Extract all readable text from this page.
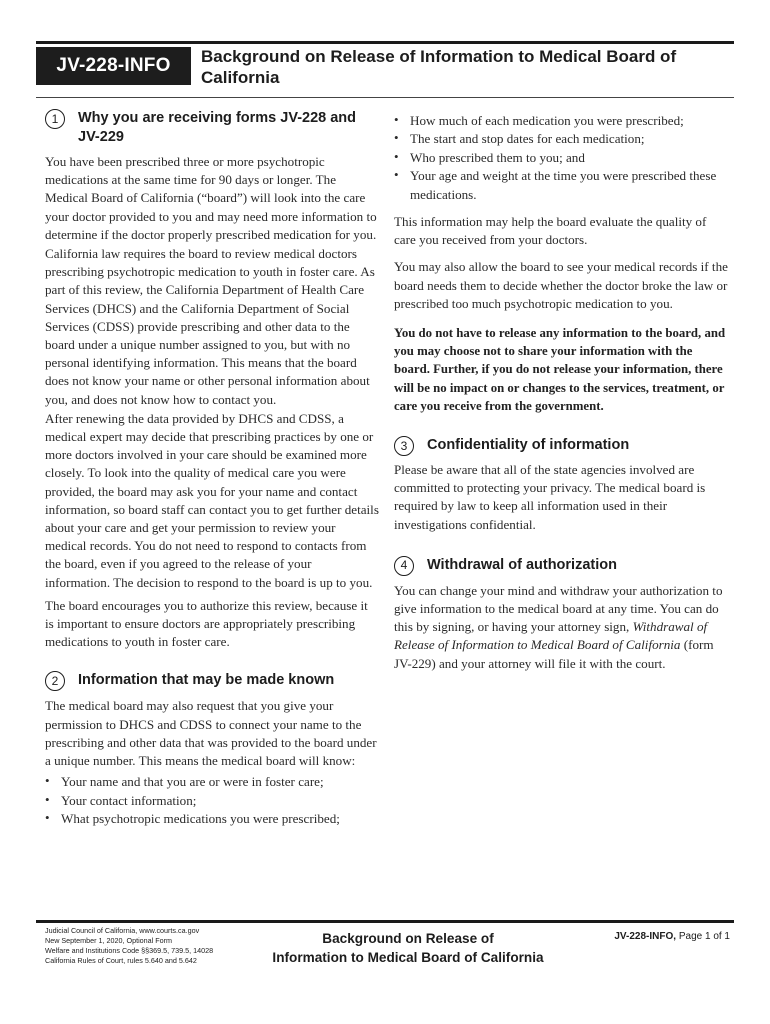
JV-228-INFO	Background on Release of Information to Medical Board of California
1	Why you are receiving forms JV-228 and JV-229

You have been prescribed three or more psychotropic medications at the same time for 90 days or longer. The Medical Board of California (“board”) will look into the care your doctor provided to you and may need more information to determine if the doctor properly prescribed medication for you.

California law requires the board to review medical doctors prescribing psychotropic medication to youth in foster care. As part of this review, the California Department of Health Care Services (DHCS) and the California Department of Social Services (CDSS) provide prescribing and other data to the board under a unique number assigned to you, but with no personal identifying information. This means that the board does not know your name or other personal information about you, and does not know how to contact you.

After renewing the data provided by DHCS and CDSS, a medical expert may decide that prescribing practices by one or more doctors involved in your care should be examined more closely. To look into the quality of medical care you were provided, the board may ask you for your name and contact information, so board staff can contact you to get further details about your care and get your permission to review your medical records. You do not need to respond to contacts from the board, even if you agreed to the release of your information. The decision to respond to the board is up to you.

The board encourages you to authorize this review, because it is important to ensure doctors are appropriately prescribing medications to youth in foster care.

2	Information that may be made known

The medical board may also request that you give your permission to DHCS and CDSS to connect your name to the prescribing and other data that was provided to the board under a unique number. This means the medical board will know:

• Your name and that you are or were in foster care;
• Your contact information;
• What psychotropic medications you were prescribed;
• How much of each medication you were prescribed;
• The start and stop dates for each medication;
• Who prescribed them to you; and
• Your age and weight at the time you were prescribed these medications.

This information may help the board evaluate the quality of care you received from your doctors.

You may also allow the board to see your medical records if the board needs them to decide whether the doctor broke the law or prescribed too much psychotropic medication to you.

You do not have to release any information to the board, and you may choose not to share your information with the board. Further, if you do not release your information, there will be no impact on or changes to the services, treatment, or care you receive from the government.

3	Confidentiality of information

Please be aware that all of the state agencies involved are committed to protecting your privacy. The medical board is required by law to keep all information used in their investigations confidential.

4	Withdrawal of authorization

You can change your mind and withdraw your authorization to give information to the medical board at any time. You can do this by signing, or having your attorney sign, Withdrawal of Release of Information to Medical Board of California (form JV-229) and your attorney will file it with the court.

Judicial Council of California, www.courts.ca.gov
New September 1, 2020, Optional Form
Welfare and Institutions Code §§369.5, 739.5, 14028
California Rules of Court, rules 5.640 and 5.642
Background on Release of
Information to Medical Board of California
JV-228-INFO, Page 1 of 1
